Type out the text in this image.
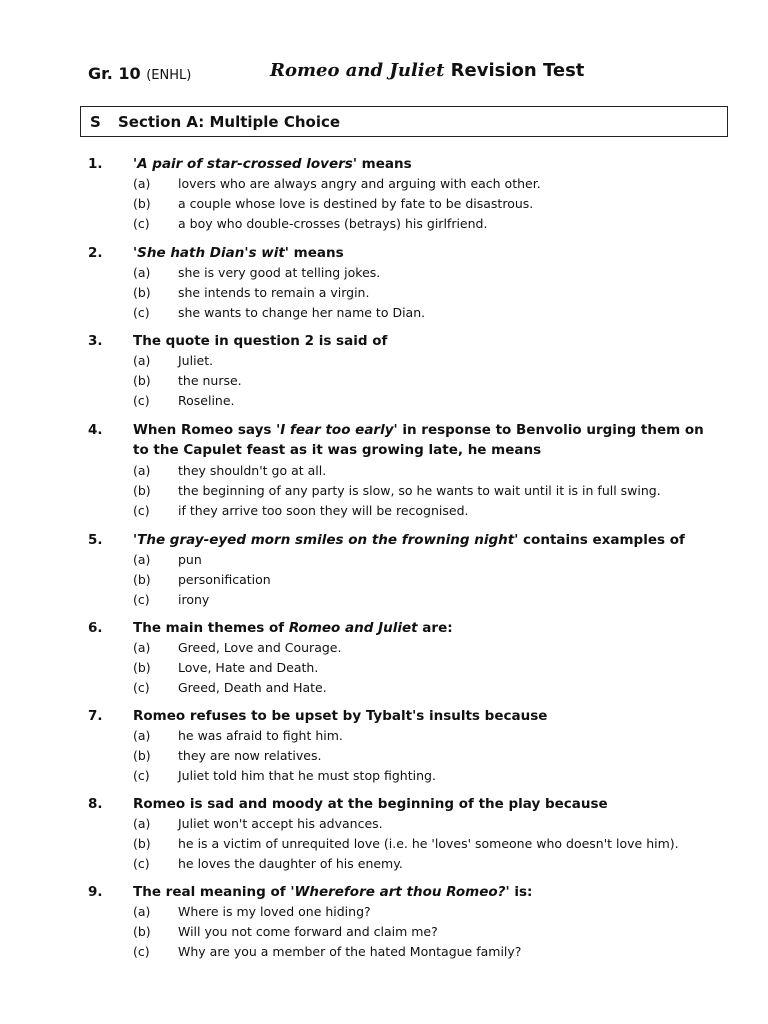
Gr. 10 (ENHL)	Romeo and Juliet Revision Test
S Section A: Multiple Choice
1. 'A pair of star-crossed lovers' means
(a) lovers who are always angry and arguing with each other.
(b) a couple whose love is destined by fate to be disastrous.
(c) a boy who double-crosses (betrays) his girlfriend.
2. 'She hath Dian's wit' means
(a) she is very good at telling jokes.
(b) she intends to remain a virgin.
(c) she wants to change her name to Dian.
3. The quote in question 2 is said of
(a) Juliet.
(b) the nurse.
(c) Roseline.
4. When Romeo says 'I fear too early' in response to Benvolio urging them on
to the Capulet feast as it was growing late, he means
(a) they shouldn't go at all.
(b) the beginning of any party is slow, so he wants to wait until it is in full swing.
(c) if they arrive too soon they will be recognised.
5. 'The gray-eyed morn smiles on the frowning night' contains examples of
(a) pun
(b) personification
(c) irony
6. The main themes of Romeo and Juliet are:
(a) Greed, Love and Courage.
(b) Love, Hate and Death.
(c) Greed, Death and Hate.
7. Romeo refuses to be upset by Tybalt's insults because
(a) he was afraid to fight him.
(b) they are now relatives.
(c) Juliet told him that he must stop fighting.
8. Romeo is sad and moody at the beginning of the play because
(a) Juliet won't accept his advances.
(b) he is a victim of unrequited love (i.e. he 'loves' someone who doesn't love him).
(c) he loves the daughter of his enemy.
9. The real meaning of 'Wherefore art thou Romeo?' is:
(a) Where is my loved one hiding?
(b) Will you not come forward and claim me?
(c) Why are you a member of the hated Montague family?
